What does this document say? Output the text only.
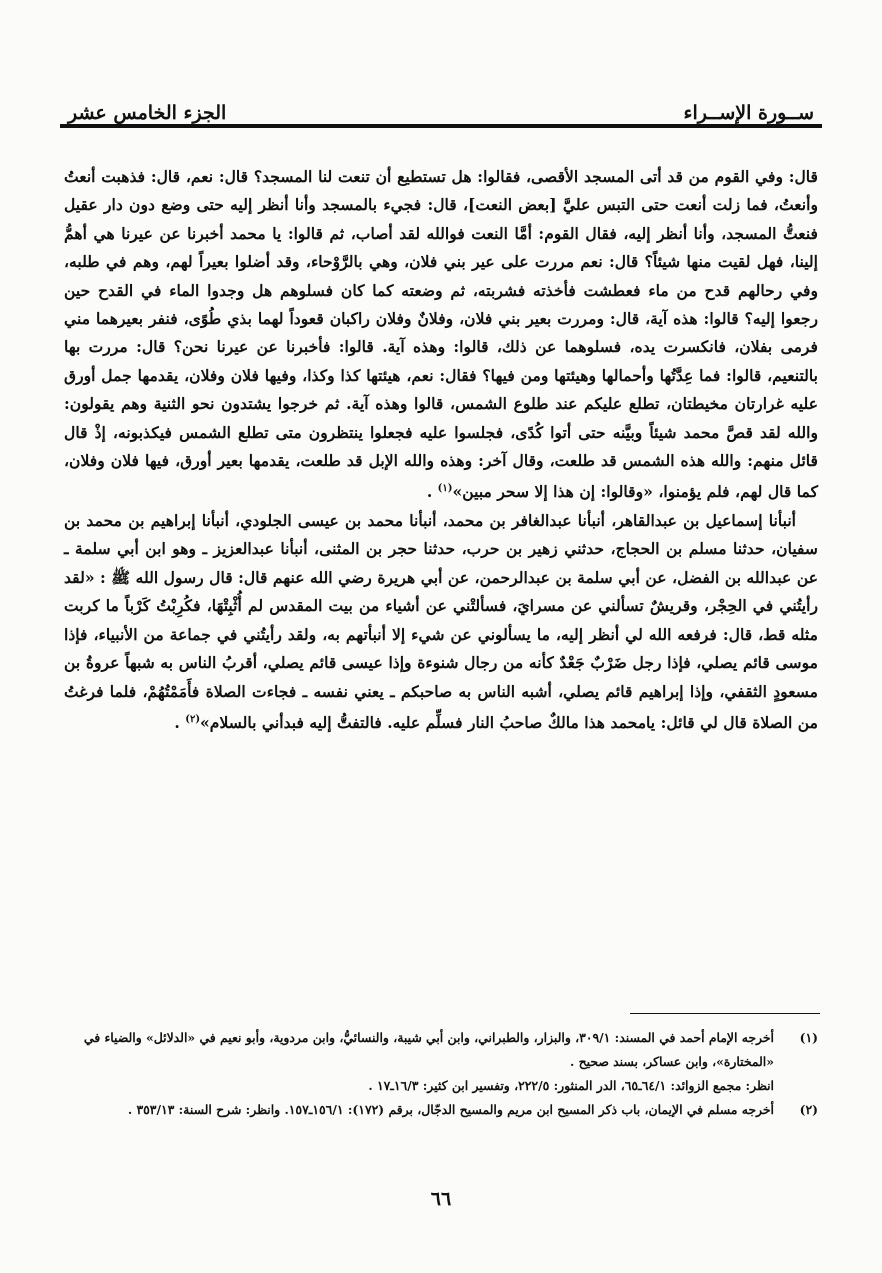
ســورة الإســراء
الجزء الخامس عشر

قال: وفي القوم من قد أتى المسجد الأقصى، فقالوا: هل تستطيع أن تنعت لنا المسجد؟ قال: نعم، قال: فذهبت أنعتُ وأنعتُ، فما زلت أنعت حتى التبس عليَّ [بعض النعت]، قال: فجيء بالمسجد وأنا أنظر إليه حتى وضع دون دار عقيل فنعتُّ المسجد، وأنا أنظر إليه، فقال القوم: أمَّا النعت فوالله لقد أصاب، ثم قالوا: يا محمد أخبرنا عن عيرنا هي أهمُّ إلينا، فهل لقيت منها شيئاً؟ قال: نعم مررت على عير بني فلان، وهي بالرَّوْحاء، وقد أضلوا بعيراً لهم، وهم في طلبه، وفي رحالهم قدح من ماء فعطشت فأخذته فشربته، ثم وضعته كما كان فسلوهم هل وجدوا الماء في القدح حين رجعوا إليه؟ قالوا: هذه آية، قال: ومررت بعير بني فلان، وفلانٌ وفلان راكبان قعوداً لهما بذي طُوًى، فنفر بعيرهما مني فرمى بفلان، فانكسرت يده، فسلوهما عن ذلك، قالوا: وهذه آية. قالوا: فأخبرنا عن عيرنا نحن؟ قال: مررت بها بالتنعيم، قالوا: فما عِدَّتُها وأحمالها وهيئتها ومن فيها؟ فقال: نعم، هيئتها كذا وكذا، وفيها فلان وفلان، يقدمها جمل أورق عليه غرارتان مخيطتان، تطلع عليكم عند طلوع الشمس، قالوا وهذه آية. ثم خرجوا يشتدون نحو الثنية وهم يقولون: والله لقد قصَّ محمد شيئاً وبيَّنه حتى أتوا كُدًى، فجلسوا عليه فجعلوا ينتظرون متى تطلع الشمس فيكذبونه، إذْ قال قائل منهم: والله هذه الشمس قد طلعت، وقال آخر: وهذه والله الإبل قد طلعت، يقدمها بعير أورق، فيها فلان وفلان، كما قال لهم، فلم يؤمنوا، «وقالوا: إن هذا إلا سحر مبين»$^{(١)}$ .

أنبأنا إسماعيل بن عبدالقاهر، أنبأنا عبدالغافر بن محمد، أنبأنا محمد بن عيسى الجلودي، أنبأنا إبراهيم بن محمد بن سفيان، حدثنا مسلم بن الحجاج، حدثني زهير بن حرب، حدثنا حجر بن المثنى، أنبأنا عبدالعزيز ـ وهو ابن أبي سلمة ـ عن عبدالله بن الفضل، عن أبي سلمة بن عبدالرحمن، عن أبي هريرة رضي الله عنهم قال: قال رسول الله ﷺ : «لقد رأيتُني في الحِجْر، وقريشٌ تسألني عن مسرايَ، فسألتْني عن أشياء من بيت المقدس لم أُثْبِتْهَا، فكُرِبْتُ كَرْباً ما كربت مثله قط، قال: فرفعه الله لي أنظر إليه، ما يسألوني عن شيء إلا أنبأتهم به، ولقد رأيتُني في جماعة من الأنبياء، فإذا موسى قائم يصلي، فإذا رجل ضَرْبٌ جَعْدٌ كأنه من رجال شنوءة وإذا عيسى قائم يصلي، أقربُ الناس به شبهاً عروةُ بن مسعودٍ الثقفي، وإذا إبراهيم قائم يصلي، أشبه الناس به صاحبكم ـ يعني نفسه ـ فجاءت الصلاة فأَمَمْتُهُمْ، فلما فرغتُ من الصلاة قال لي قائل: يامحمد هذا مالكٌ صاحبُ النار فسلِّم عليه. فالتفتُّ إليه فبدأني بالسلام»$^{(٢)}$ .

(١)
أخرجه الإمام أحمد في المسند: ٣٠٩/١، والبزار، والطبراني، وابن أبي شيبة، والنسائيُّ، وابن مردوية، وأبو نعيم في «الدلائل» والضياء في «المختارة»، وابن عساكر، بسند صحيح .
انظر: مجمع الزوائد: ٦٤/١ـ٦٥، الدر المنثور: ٢٢٢/٥، وتفسير ابن كثير: ١٦/٣ـ١٧ .
(٢)
أخرجه مسلم في الإيمان، باب ذكر المسيح ابن مريم والمسيح الدجّال، برقم (١٧٢): ١٥٦/١ـ١٥٧. وانظر: شرح السنة: ٣٥٣/١٣ .
٦٦
